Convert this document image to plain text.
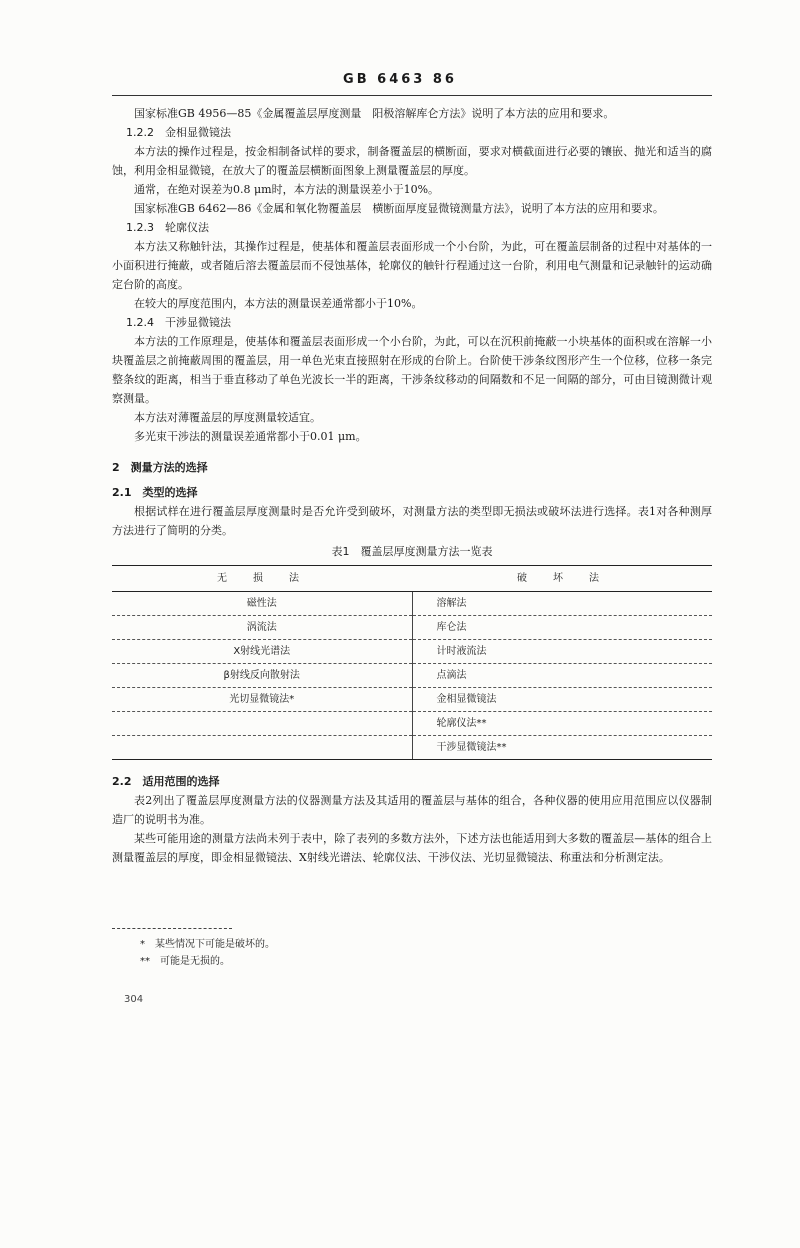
GB 6463 86

国家标准GB 4956—85《金属覆盖层厚度测量　阳极溶解库仑方法》说明了本方法的应用和要求。

1.2.2　金相显微镜法

本方法的操作过程是，按金相制备试样的要求，制备覆盖层的横断面，要求对横截面进行必要的镶嵌、抛光和适当的腐蚀，利用金相显微镜，在放大了的覆盖层横断面图象上测量覆盖层的厚度。

通常，在绝对误差为0.8 μm时，本方法的测量误差小于10%。

国家标准GB 6462—86《金属和氧化物覆盖层　横断面厚度显微镜测量方法》，说明了本方法的应用和要求。

1.2.3　轮廓仪法

本方法又称触针法，其操作过程是，使基体和覆盖层表面形成一个小台阶，为此，可在覆盖层制备的过程中对基体的一小面积进行掩蔽，或者随后溶去覆盖层而不侵蚀基体，轮廓仪的触针行程通过这一台阶，利用电气测量和记录触针的运动确定台阶的高度。

在较大的厚度范围内，本方法的测量误差通常都小于10%。

1.2.4　干涉显微镜法

本方法的工作原理是，使基体和覆盖层表面形成一个小台阶，为此，可以在沉积前掩蔽一小块基体的面积或在溶解一小块覆盖层之前掩蔽周围的覆盖层，用一单色光束直接照射在形成的台阶上。台阶使干涉条纹图形产生一个位移，位移一条完整条纹的距离，相当于垂直移动了单色光波长一半的距离，干涉条纹移动的间隔数和不足一间隔的部分，可由目镜测微计观察测量。

本方法对薄覆盖层的厚度测量较适宜。

多光束干涉法的测量误差通常都小于0.01 μm。

2　测量方法的选择

2.1　类型的选择

根据试样在进行覆盖层厚度测量时是否允许受到破坏，对测量方法的类型即无损法或破坏法进行选择。表1对各种测厚方法进行了简明的分类。

表1　覆盖层厚度测量方法一览表
无　损　法	破　坏　法
磁性法	溶解法
涡流法	库仑法
X射线光谱法	计时液流法
β射线反向散射法	点滴法
光切显微镜法*	金相显微镜法
	轮廓仪法**
	干涉显微镜法**

2.2　适用范围的选择

表2列出了覆盖层厚度测量方法的仪器测量方法及其适用的覆盖层与基体的组合，各种仪器的使用应用范围应以仪器制造厂的说明书为准。

某些可能用途的测量方法尚未列于表中，除了表列的多数方法外，下述方法也能适用到大多数的覆盖层—基体的组合上测量覆盖层的厚度，即金相显微镜法、X射线光谱法、轮廓仪法、干涉仪法、光切显微镜法、称重法和分析测定法。

*　某些情况下可能是破坏的。
**　可能是无损的。
304
